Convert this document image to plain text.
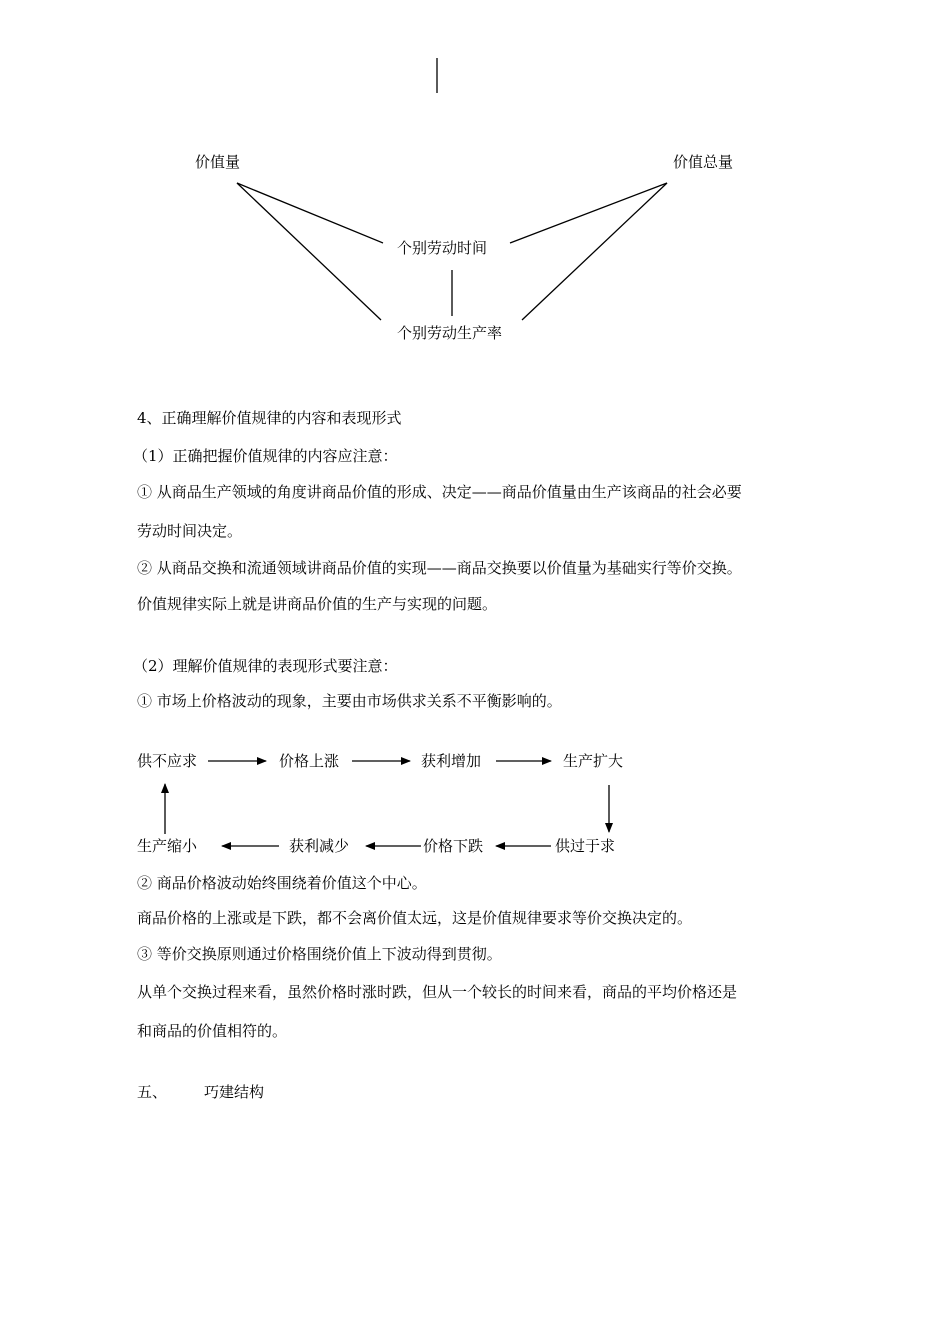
价值量	价值总量
个别劳动时间
个别劳动生产率
4、正确理解价值规律的内容和表现形式
（1）正确把握价值规律的内容应注意：
① 从商品生产领域的角度讲商品价值的形成、决定——商品价值量由生产该商品的社会必要
劳动时间决定。
② 从商品交换和流通领域讲商品价值的实现——商品交换要以价值量为基础实行等价交换。
价值规律实际上就是讲商品价值的生产与实现的问题。
（2）理解价值规律的表现形式要注意：
① 市场上价格波动的现象，主要由市场供求关系不平衡影响的。
供不应求	价格上涨	获利增加	生产扩大
生产缩小	获利减少	价格下跌	供过于求
② 商品价格波动始终围绕着价值这个中心。
商品价格的上涨或是下跌，都不会离价值太远，这是价值规律要求等价交换决定的。
③ 等价交换原则通过价格围绕价值上下波动得到贯彻。
从单个交换过程来看，虽然价格时涨时跌，但从一个较长的时间来看，商品的平均价格还是
和商品的价值相符的。
五、 巧建结构
